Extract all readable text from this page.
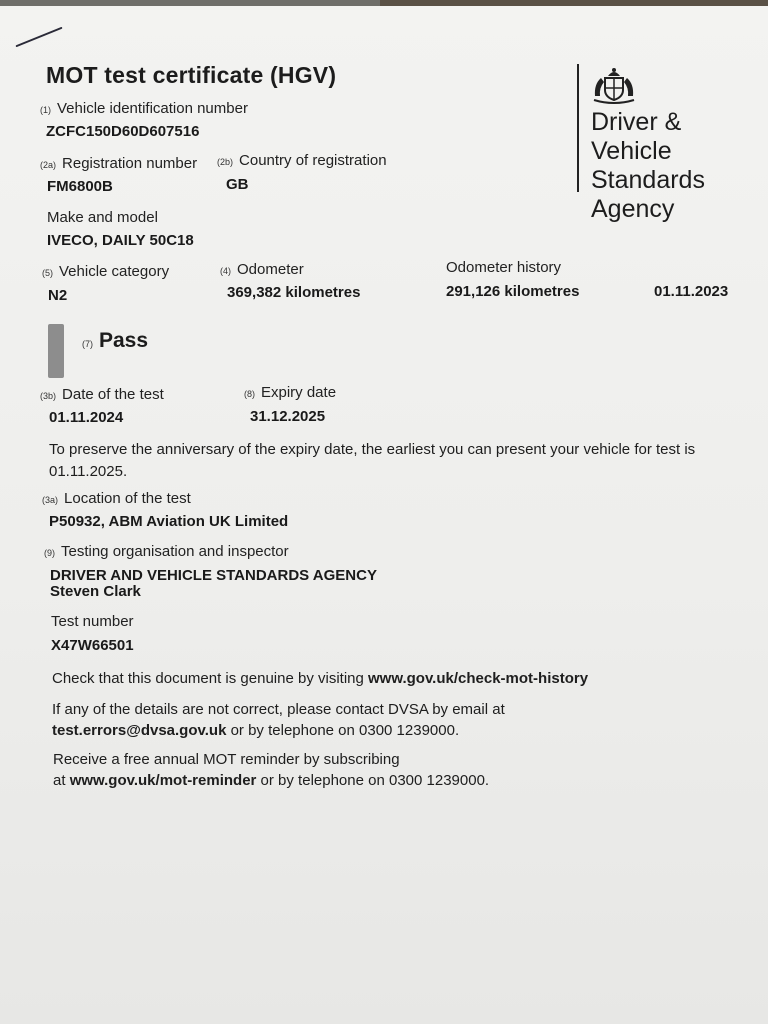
MOT test certificate (HGV)
(1) Vehicle identification number
ZCFC150D60D607516
(2a) Registration number
FM6800B
(2b) Country of registration
GB
Make and model
IVECO, DAILY 50C18
(5) Vehicle category
N2
(4) Odometer
369,382 kilometres
Odometer history
291,126 kilometres	01.11.2023
(7) Pass
(3b) Date of the test
01.11.2024
(8) Expiry date
31.12.2025
To preserve the anniversary of the expiry date, the earliest you can present your vehicle for test is
01.11.2025.
(3a) Location of the test
P50932, ABM Aviation UK Limited
(9) Testing organisation and inspector
DRIVER AND VEHICLE STANDARDS AGENCY
Steven Clark
Test number
X47W66501
Check that this document is genuine by visiting www.gov.uk/check-mot-history
If any of the details are not correct, please contact DVSA by email at
test.errors@dvsa.gov.uk or by telephone on 0300 1239000.
Receive a free annual MOT reminder by subscribing
at www.gov.uk/mot-reminder or by telephone on 0300 1239000.
Driver & Vehicle
Standards
Agency
